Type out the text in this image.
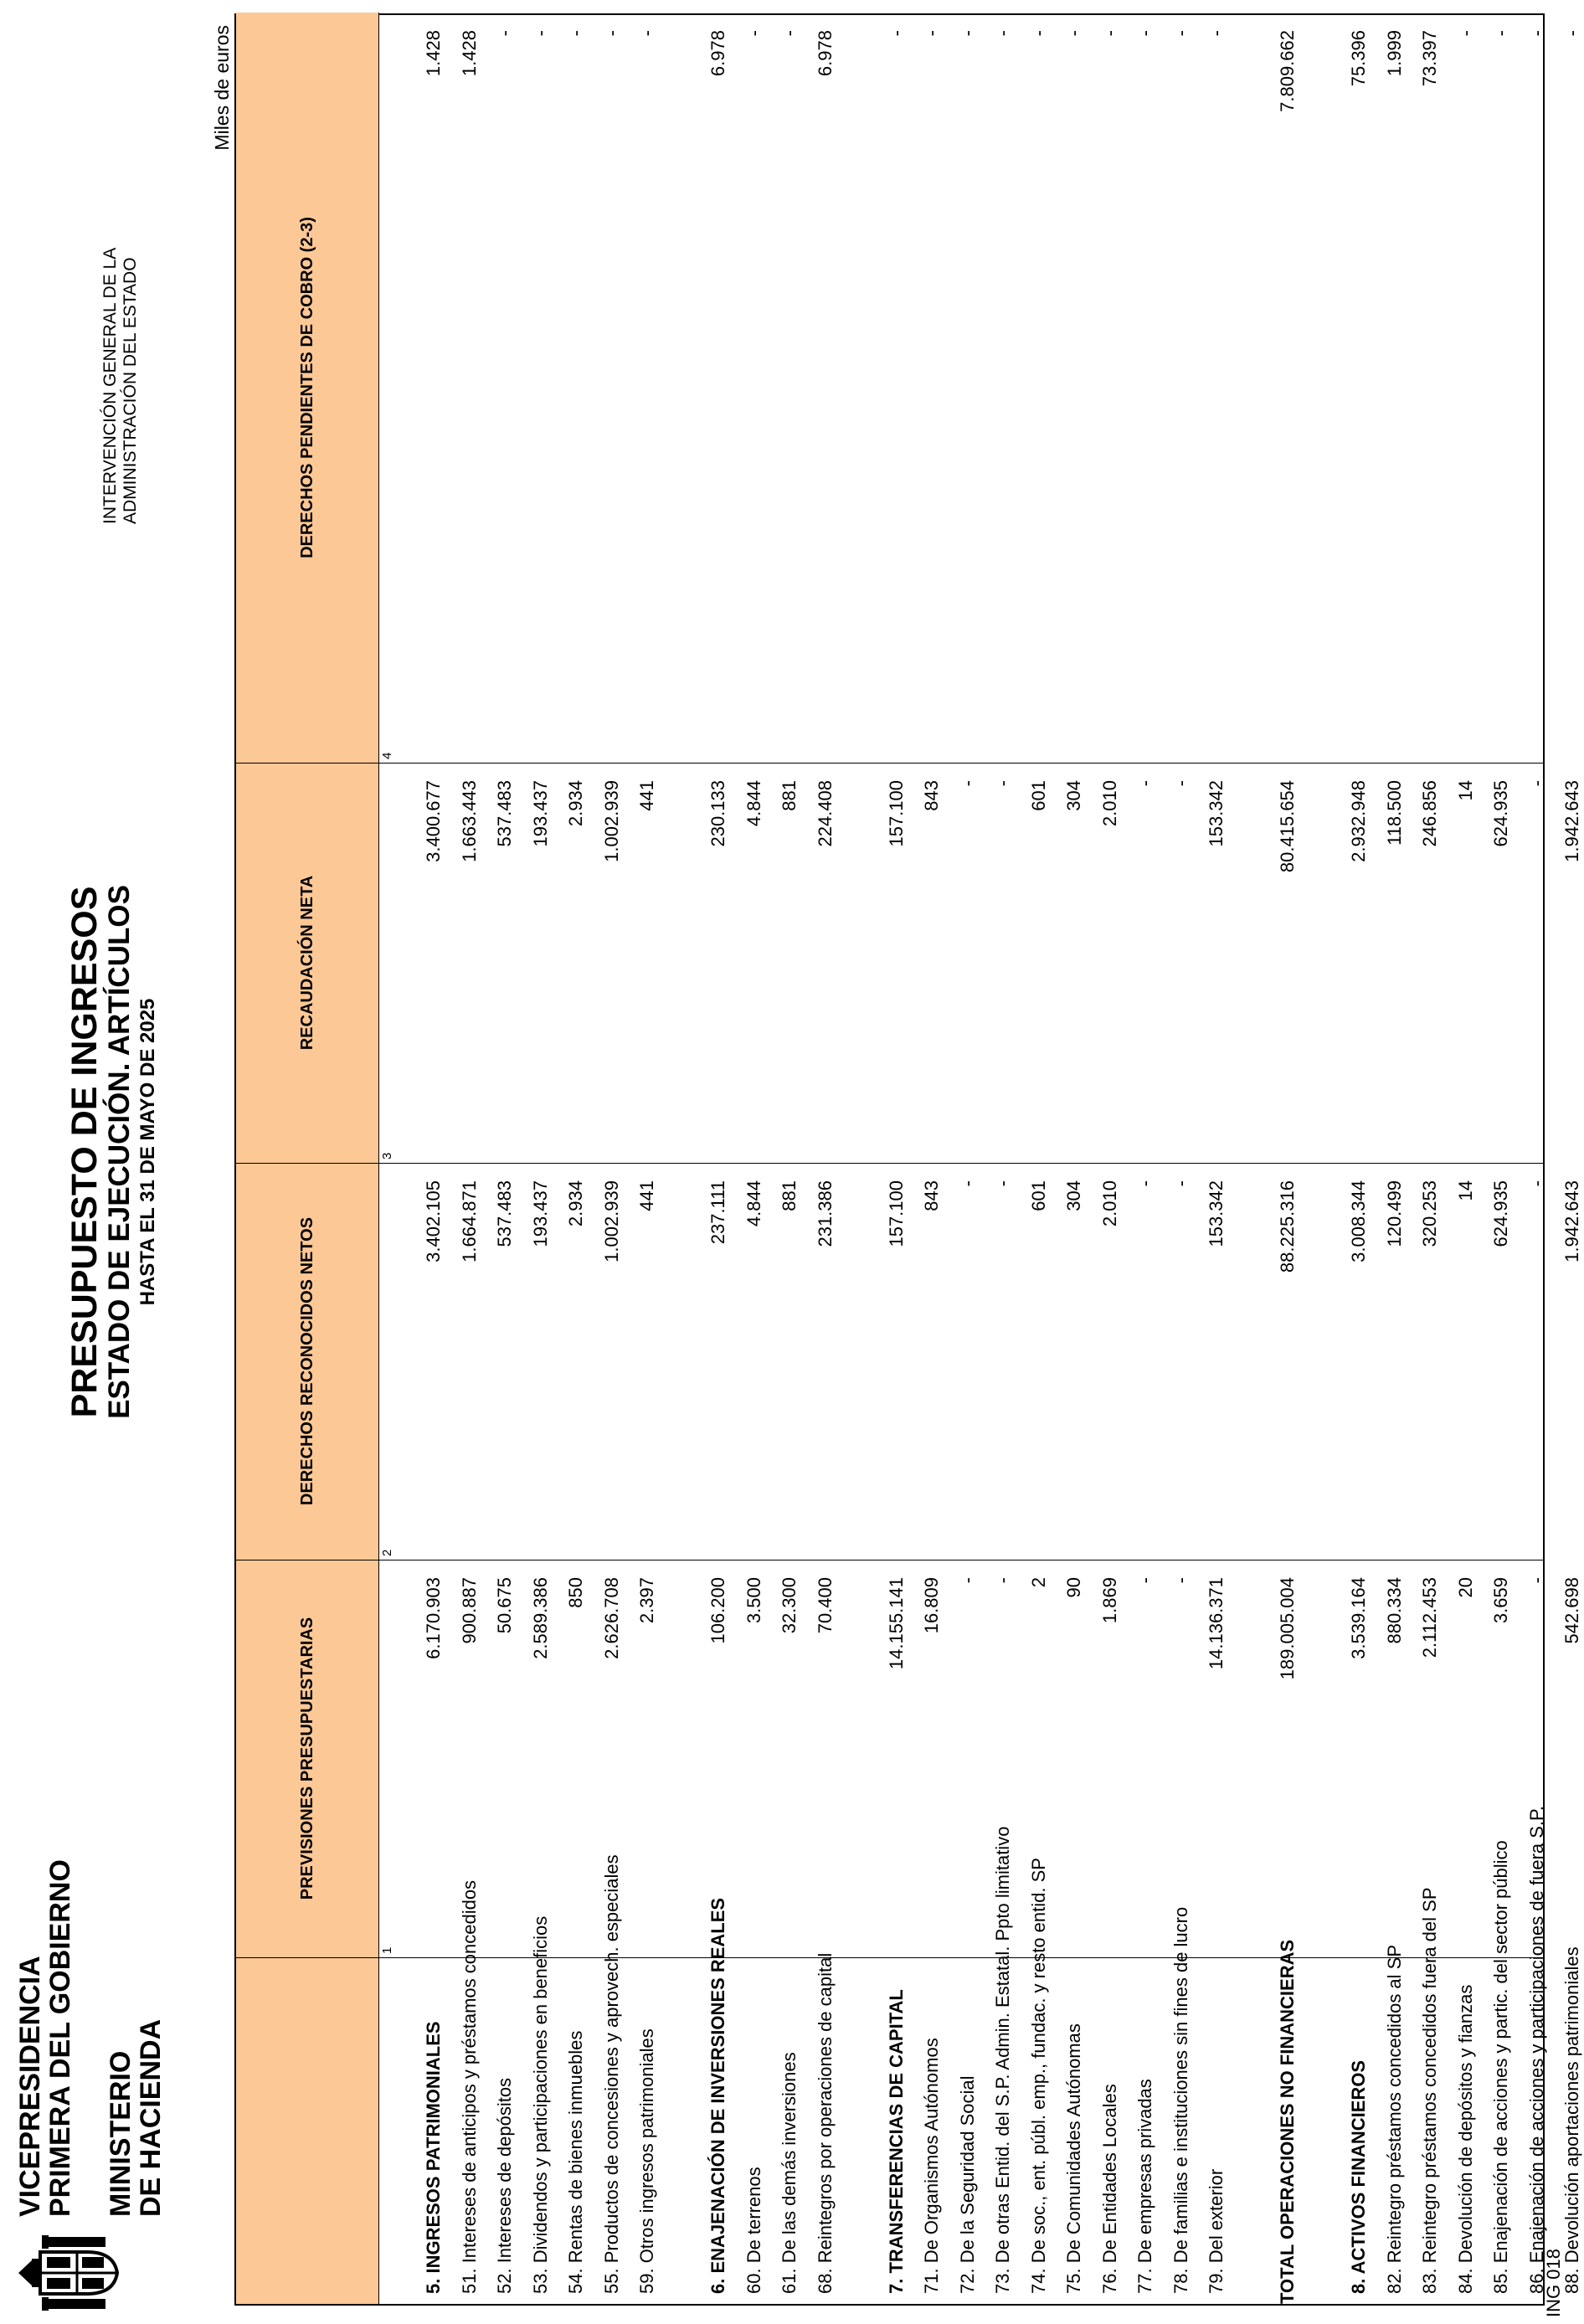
VICEPRESIDENCIA
PRIMERA DEL GOBIERNO MINISTERIO
DE HACIENDA
PRESUPUESTO DE INGRESOS
ESTADO DE EJECUCIÓN. ARTÍCULOS HASTA EL 31 DE MAYO DE 2025
INTERVENCIÓN GENERAL DE LA ADMINISTRACIÓN DEL ESTADO
Miles de euros
PREVISIONES PRESUPUESTARIAS
1
DERECHOS RECONOCIDOS NETOS
2
RECAUDACIÓN NETA
3
DERECHOS PENDIENTES DE COBRO (2-3)
4
5. INGRESOS PATRIMONIALES
6.170.903
3.402.105
3.400.677
1.428
51. Intereses de anticipos y préstamos concedidos
900.887
1.664.871
1.663.443
1.428
52. Intereses de depósitos
50.675
537.483
537.483
-
53. Dividendos y participaciones en beneficios
2.589.386
193.437
193.437
-
54. Rentas de bienes inmuebles
850
2.934
2.934
-
55. Productos de concesiones y aprovech. especiales
2.626.708
1.002.939
1.002.939
-
59. Otros ingresos patrimoniales
2.397
441
441
-
6. ENAJENACIÓN DE INVERSIONES REALES
106.200
237.111
230.133
6.978
60. De terrenos
3.500
4.844
4.844
-
61. De las demás inversiones
32.300
881
881
-
68. Reintegros por operaciones de capital
70.400
231.386
224.408
6.978
7. TRANSFERENCIAS DE CAPITAL
14.155.141
157.100
157.100
-
71. De Organismos Autónomos
16.809
843
843
-
72. De la Seguridad Social
-
-
-
-
73. De otras Entid. del S.P. Admin. Estatal. Ppto limitativo
-
-
-
-
74. De soc., ent. públ. emp., fundac. y resto entid. SP
2
601
601
-
75. De Comunidades Autónomas
90
304
304
-
76. De Entidades Locales
1.869
2.010
2.010
-
77. De empresas privadas
-
-
-
-
78. De familias e instituciones sin fines de lucro
-
-
-
-
79. Del exterior
14.136.371
153.342
153.342
-
TOTAL OPERACIONES NO FINANCIERAS
189.005.004
88.225.316
80.415.654
7.809.662
8. ACTIVOS FINANCIEROS
3.539.164
3.008.344
2.932.948
75.396
82. Reintegro préstamos concedidos al SP
880.334
120.499
118.500
1.999
83. Reintegro préstamos concedidos fuera del SP
2.112.453
320.253
246.856
73.397
84. Devolución de depósitos y fianzas
20
14
14
-
85. Enajenación de acciones y partic. del sector público
3.659
624.935
624.935
-
86. Enajenación de acciones y participaciones de fuera S.P.
-
-
-
-
88. Devolución aportaciones patrimoniales
542.698
1.942.643
1.942.643
-
ING 018
